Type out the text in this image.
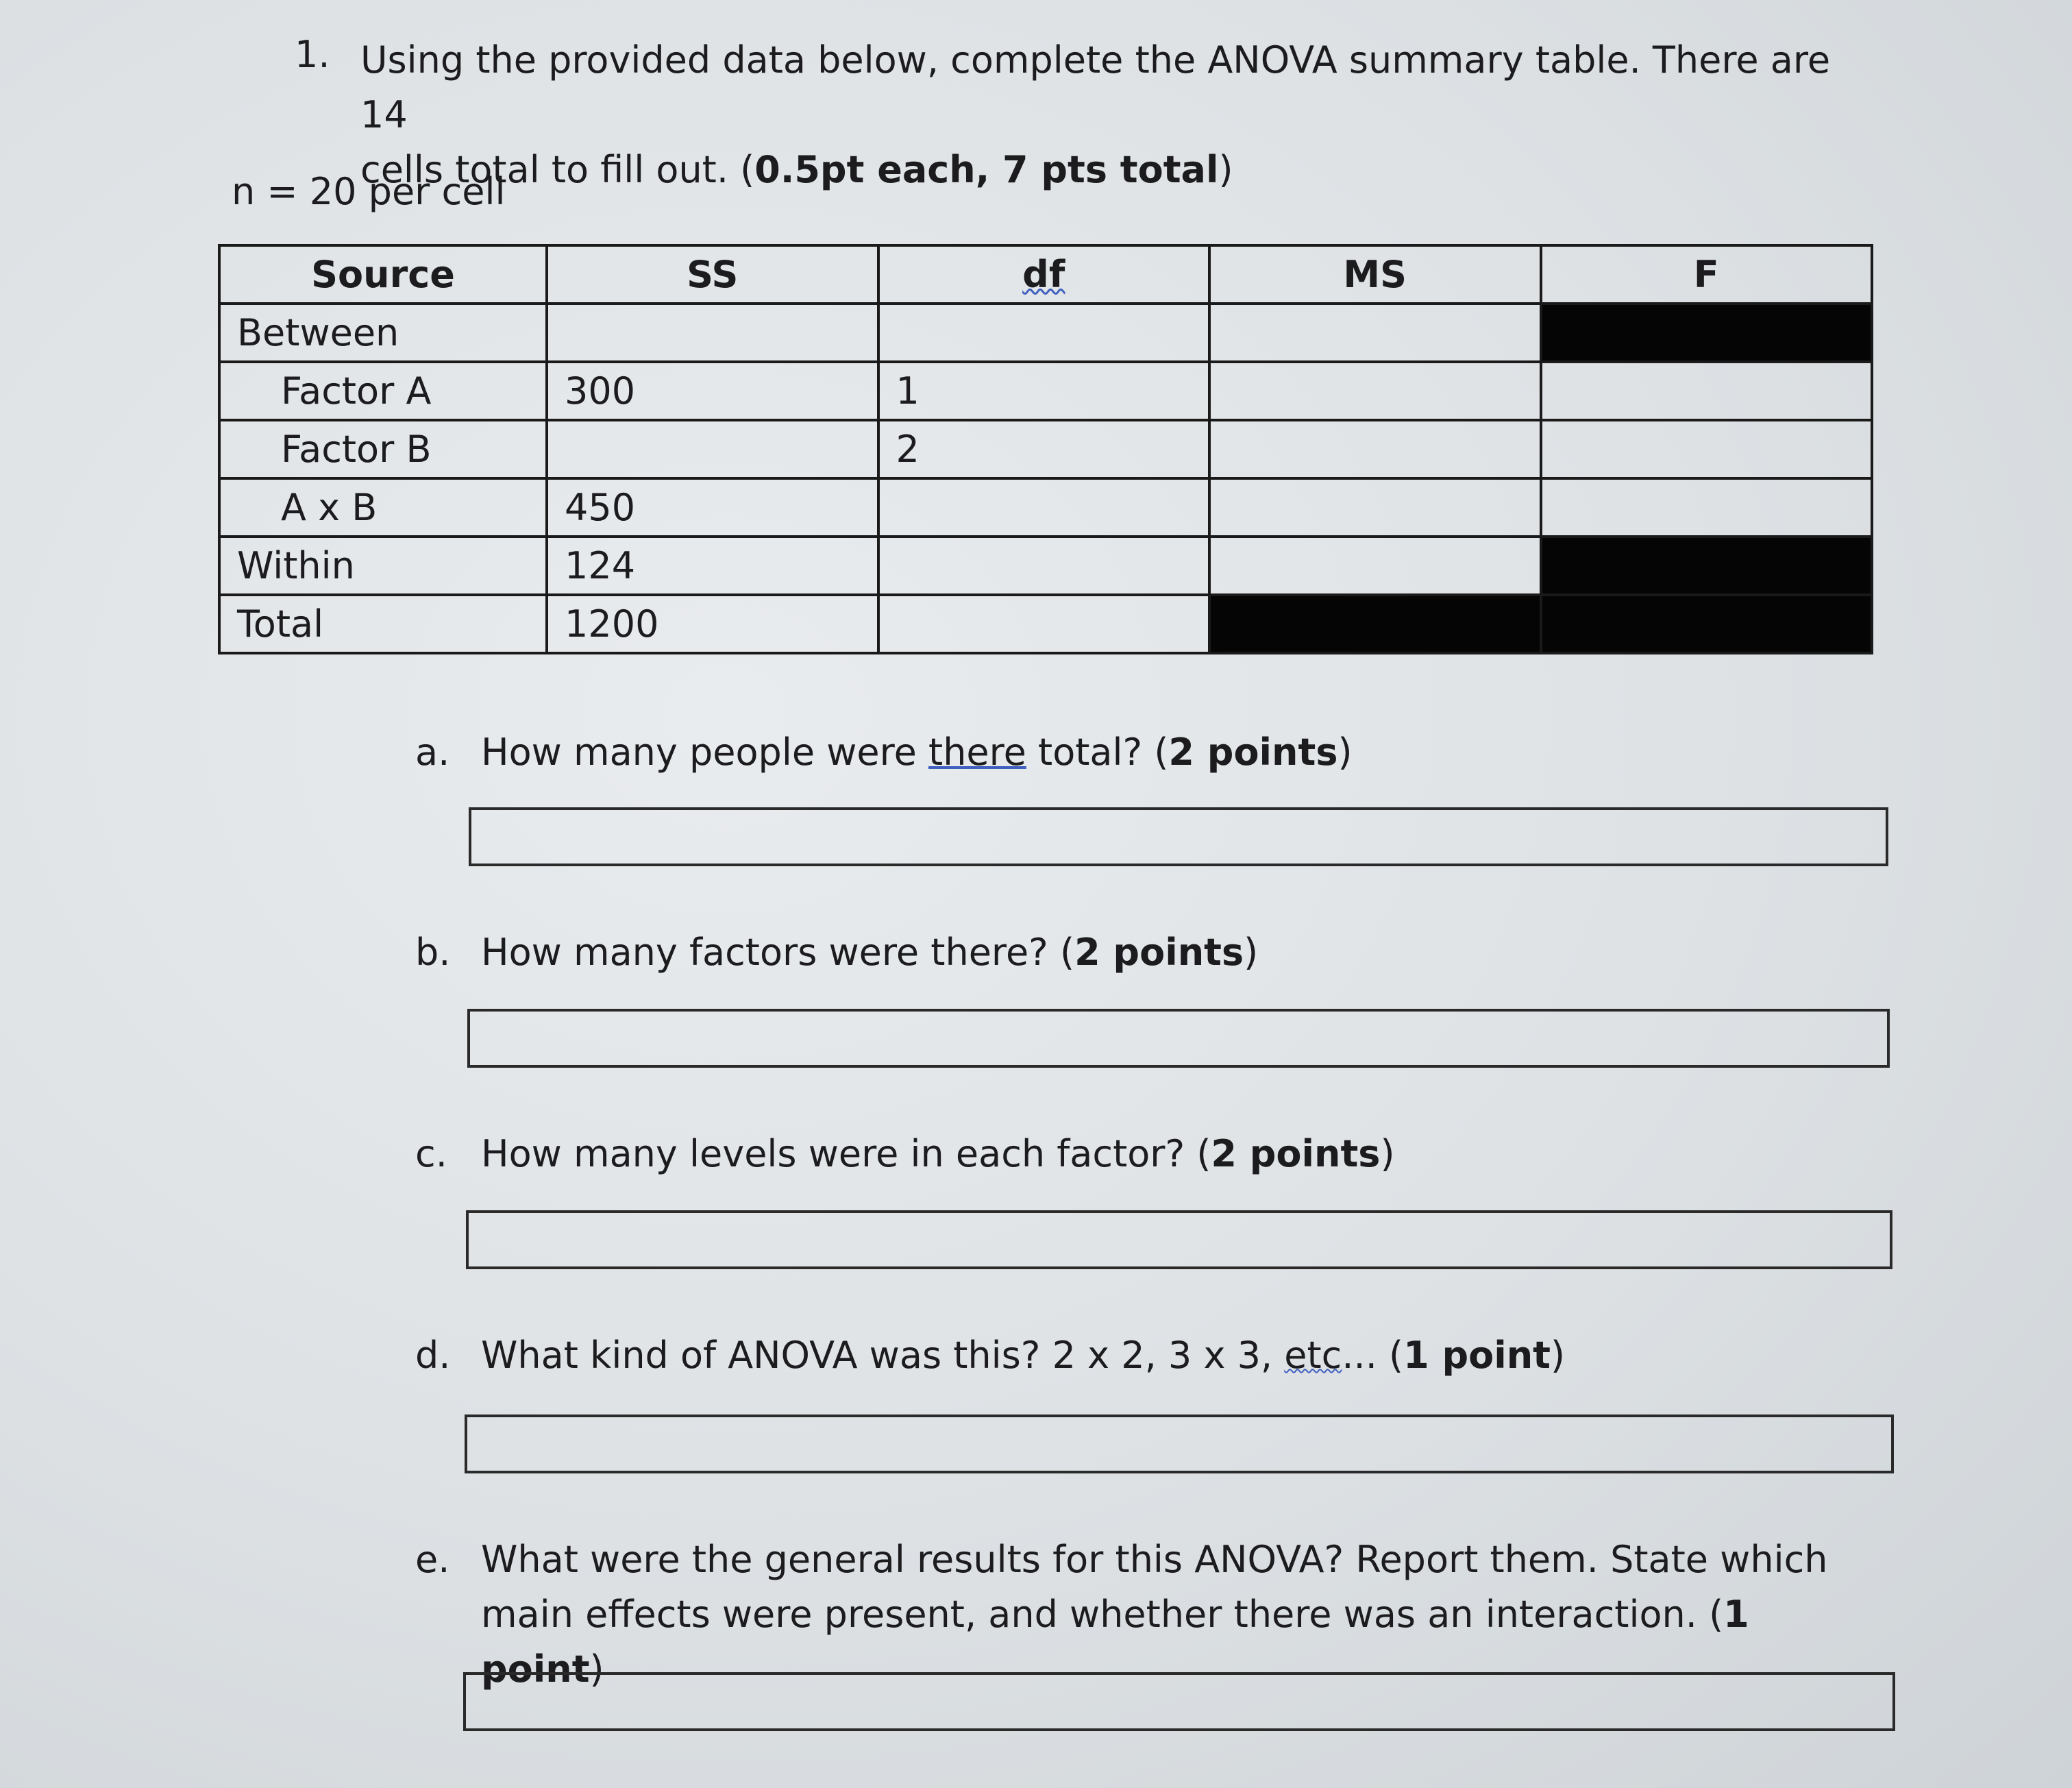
1. Using the provided data below, complete the ANOVA summary table. There are 14
cells total to fill out. (0.5pt each, 7 pts total)
n = 20 per cell
Source	SS	df	MS	F
Between				
Factor A	300	1		
Factor B		2		
A x B	450			
Within	124			
Total	1200			
a. How many people were there total? (2 points)
b. How many factors were there? (2 points)
c. How many levels were in each factor? (2 points)
d. What kind of ANOVA was this? 2 x 2, 3 x 3, etc... (1 point)
e. What were the general results for this ANOVA? Report them. State which
main effects were present, and whether there was an interaction. (1 point)
